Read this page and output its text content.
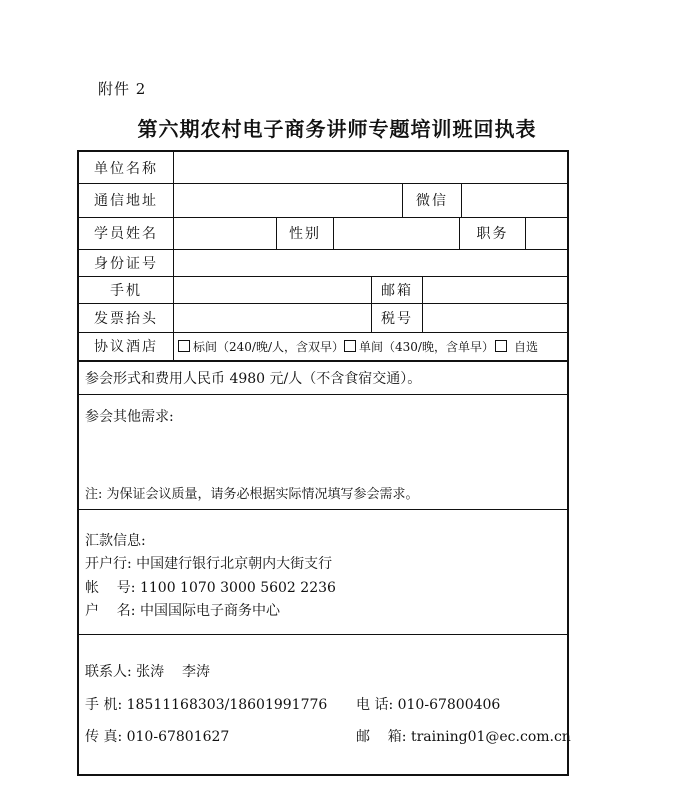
附件 2
第六期农村电子商务讲师专题培训班回执表
单位名称
通信地址	微信
学员姓名	性别	职务
身份证号
手机	邮箱
发票抬头	税号
协议酒店	标间（240/晚/人，含双早） 单间（430/晚，含单早） 自选
参会形式和费用人民币 4980 元/人（不含食宿交通）。
参会其他需求:
注: 为保证会议质量，请务必根据实际情况填写参会需求。
汇款信息:
开户行: 中国建行银行北京朝内大街支行
帐    号: 1100 1070 3000 5602 2236
户    名: 中国国际电子商务中心
联系人: 张涛    李涛
手 机: 18511168303/18601991776 电 话: 010-67800406
传 真: 010-67801627	邮    箱: training01@ec.com.cn
